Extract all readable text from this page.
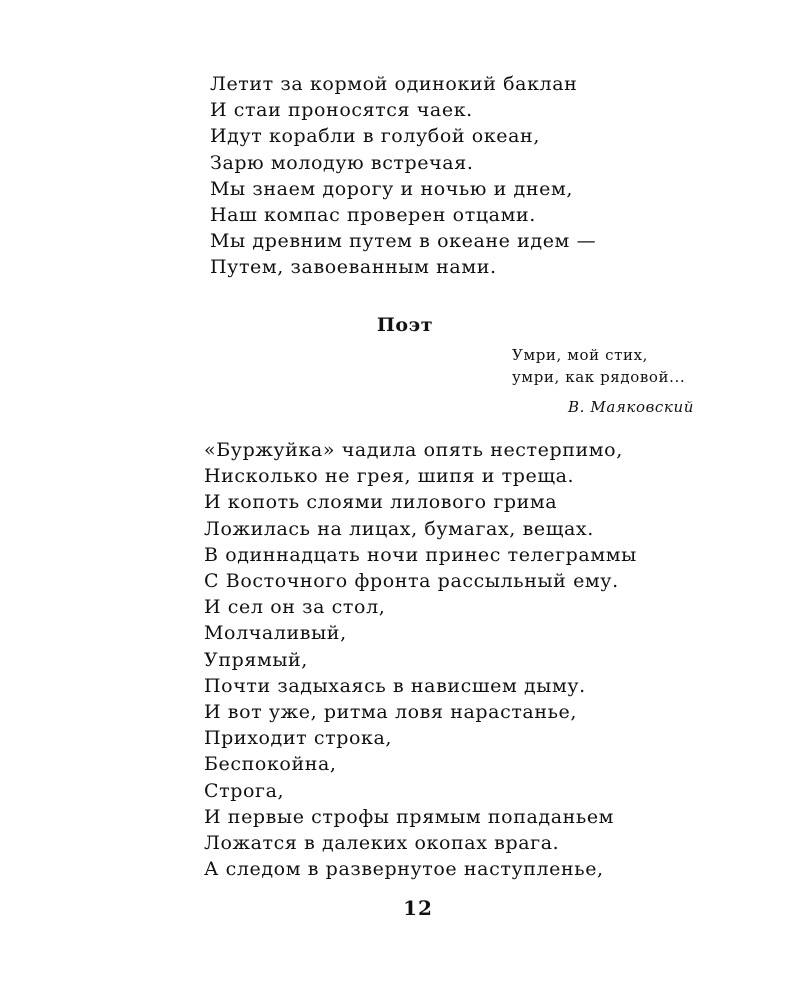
Летит за кормой одинокий баклан
И стаи проносятся чаек.
Идут корабли в голубой океан,
Зарю молодую встречая.
Мы знаем дорогу и ночью и днем,
Наш компас проверен отцами.
Мы древним путем в океане идем —
Путем, завоеванным нами.
Поэт
Умри, мой стих,
умри, как рядовой...
В. Маяковский
«Буржуйка» чадила опять нестерпимо,
Нисколько не грея, шипя и треща.
И копоть слоями лилового грима
Ложилась на лицах, бумагах, вещах.
В одиннадцать ночи принес телеграммы
С Восточного фронта рассыльный ему.
И сел он за стол,
Молчаливый,
Упрямый,
Почти задыхаясь в нависшем дыму.
И вот уже, ритма ловя нарастанье,
Приходит строка,
Беспокойна,
Строга,
И первые строфы прямым попаданьем
Ложатся в далеких окопах врага.
А следом в развернутое наступленье,
12
